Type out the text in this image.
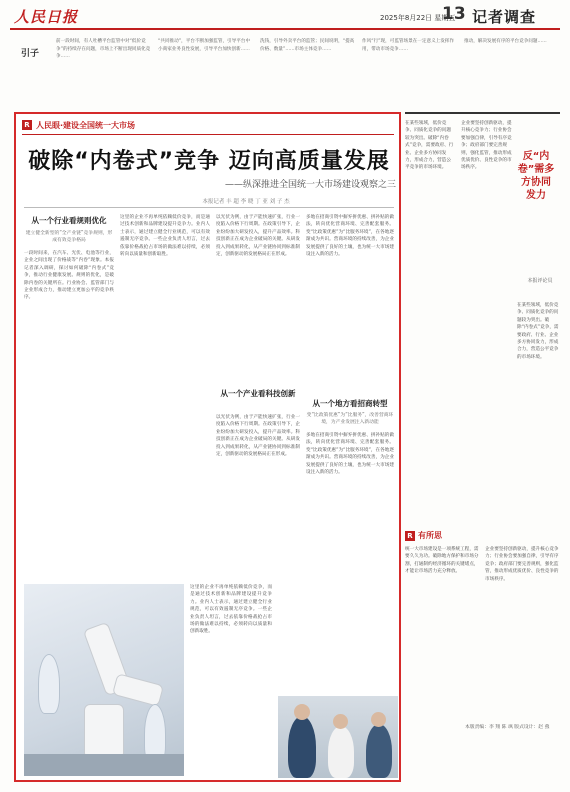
人民日报	2025年8月22日 星期五
13 记者调查
引子
前一段时间，有人吐槽平台监管中对“低价竞争”的持续存在问题，市场上不断出现同质化竞争……
“共同推动”，平台不断加强监管，引导平台中小商家业务良性发展，引导平台加快创新……
洗钱，引导外卖平台的监管；民间说明，“提高价格、数量”……市场主体竞争……
作风“行”现，可监管场景在一定意义上发挥作用，带动市场竞争……
推动，解决发展有序的平台竞争问题……
R 人民眼·建设全国统一大市场
破除“内卷式”竞争 迈向高质量发展
——纵深推进全国统一大市场建设观察之三
本报记者 丰 超 李 晓 丁 亚 刘 子 杰
从一个行业看规则优化
建立健全新型的“全产业链”竞争规则，形成有效竞争格局
一段时间来，在汽车、光伏、电池等行业，企业之间出现了价格战等“内卷”现象。本报记者深入调研，探讨如何破除“内卷式”竞争，推动行业健康发展。规则的优化，是破除内卷的关键所在。行业协会、监管部门与企业形成合力，推动建立更加公平的竞争秩序。
这里的企业不再单纯依赖低价竞争，而是通过技术创新和品牌建设提升竞争力。业内人士表示，通过建立健全行业规范，可以有效遏制无序竞争。一些企业负责人坦言，过去依靠价格战抢占市场的做法难以持续，必须转向以质量和创新取胜。
以光伏为例，由于产能快速扩张，行业一度陷入价格下行周期。在政策引导下，企业纷纷加大研发投入，提升产品效率。科技创新正在成为企业破局的关键。从研发投入到成果转化，从产业链协同到标准制定，创新驱动的发展格局正在形成。
从一个产业看科技创新
以光伏为例，由于产能快速扩张，行业一度陷入价格下行周期。在政策引导下，企业纷纷加大研发投入，提升产品效率。科技创新正在成为企业破局的关键。从研发投入到成果转化，从产业链协同到标准制定，创新驱动的发展格局正在形成。
多地在招商引资中摒弃拼优惠、拼补贴的做法，转向优化营商环境、完善配套服务。变“比政策优惠”为“比服务环境”，在各地逐渐成为共识。营商环境的持续改善，为企业发展提供了良好的土壤，也为统一大市场建设注入新的活力。
从一个地方看招商转型
变“比政策优惠”为“比服务”，改善营商环境，为产业发展注入新动能
多地在招商引资中摒弃拼优惠、拼补贴的做法，转向优化营商环境、完善配套服务。变“比政策优惠”为“比服务环境”，在各地逐渐成为共识。营商环境的持续改善，为企业发展提供了良好的土壤，也为统一大市场建设注入新的活力。
这里的企业不再单纯依赖低价竞争，而是通过技术创新和品牌建设提升竞争力。业内人士表示，通过建立健全行业规范，可以有效遏制无序竞争。一些企业负责人坦言，过去依靠价格战抢占市场的做法难以持续，必须转向以质量和创新取胜。
在某些领域，低价竞争、同质化竞争的问题较为突出。破除“内卷式”竞争，需要政府、行业、企业多方协同发力，形成合力，营造公平竞争的市场环境。
企业要坚持创新驱动，提升核心竞争力；行业协会要加强自律，引导有序竞争；政府部门要完善规则，强化监管，推动形成优质优价、良性竞争的市场秩序。
反“内卷”需多方协同发力
本报评论员
在某些领域，低价竞争、同质化竞争的问题较为突出。破除“内卷式”竞争，需要政府、行业、企业多方协同发力，形成合力，营造公平竞争的市场环境。
R 有所思
统一大市场建设是一项系统工程，需要久久为功。破除地方保护和市场分割，打通制约经济循环的关键堵点，才能让市场活力充分释放。
企业要坚持创新驱动，提升核心竞争力；行业协会要加强自律，引导有序竞争；政府部门要完善规则，强化监管，推动形成优质优价、良性竞争的市场秩序。
本版责编：李 翔 陈 飒 版式设计：赵 燕
